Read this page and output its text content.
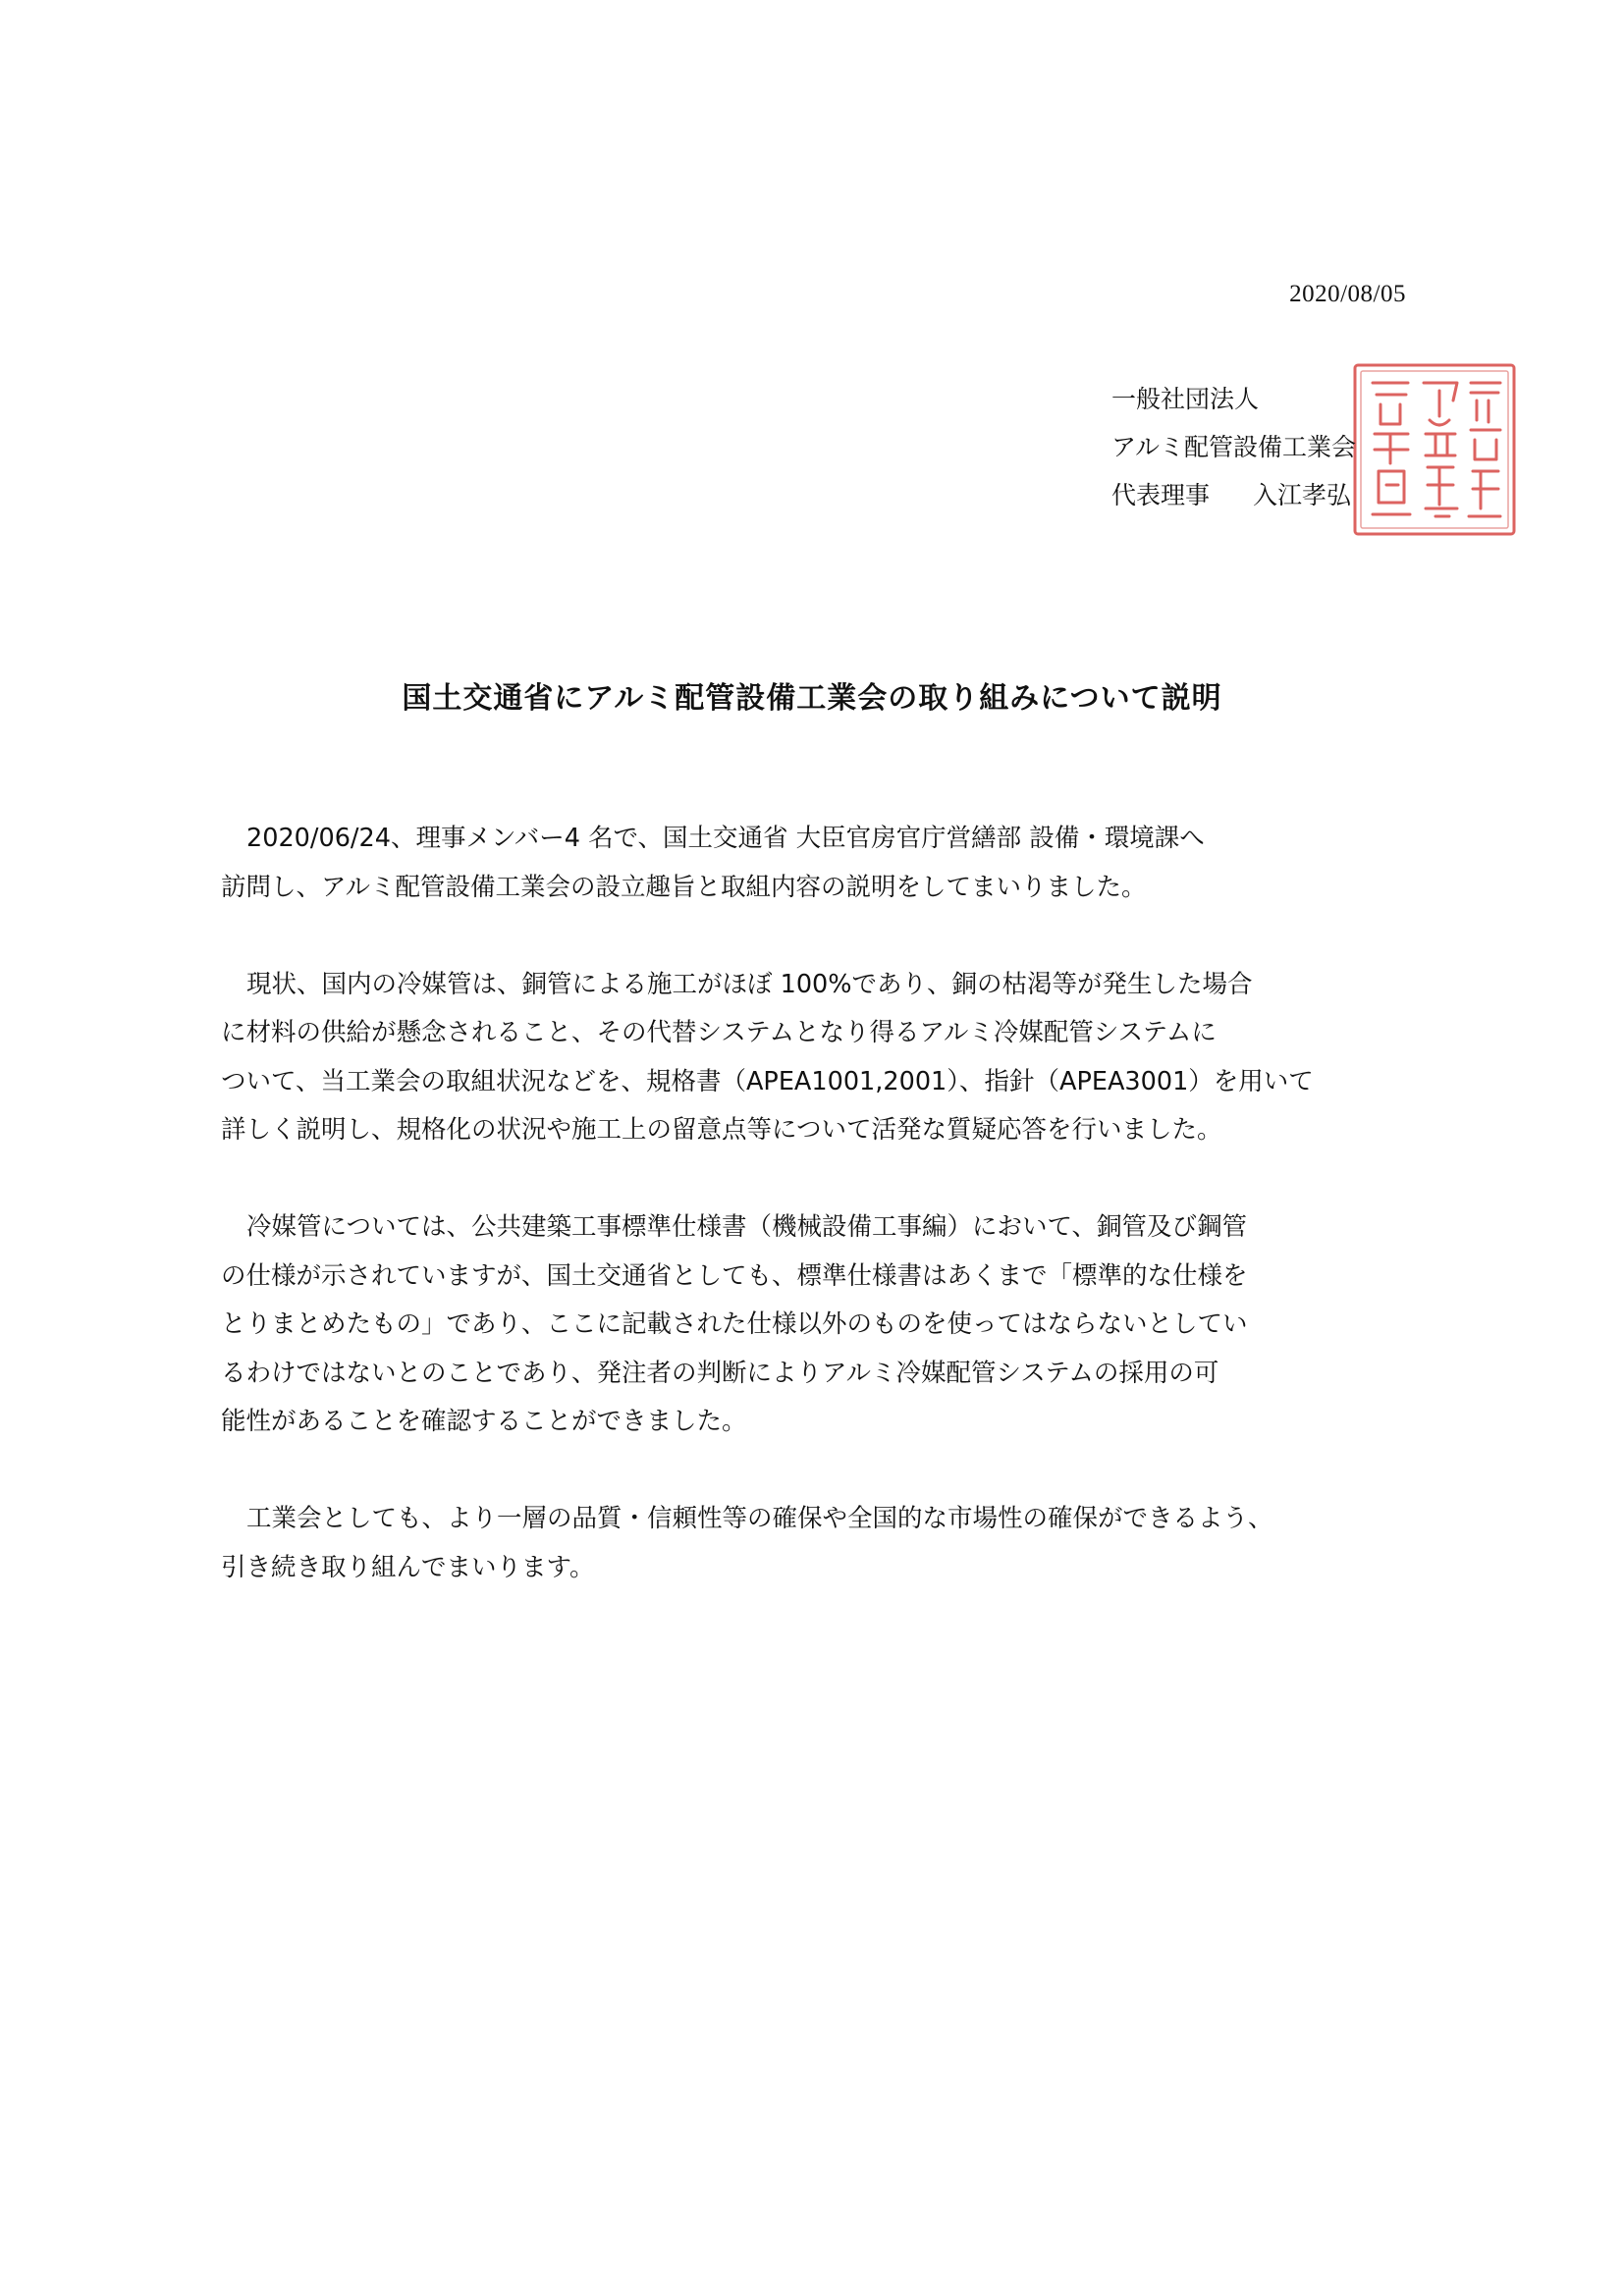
2020/08/05
一般社団法人
アルミ配管設備工業会
代表理事 入江孝弘
国土交通省にアルミ配管設備工業会の取り組みについて説明
2020/06/24、理事メンバー4 名で、国土交通省 大臣官房官庁営繕部 設備・環境課へ
訪問し、アルミ配管設備工業会の設立趣旨と取組内容の説明をしてまいりました。
現状、国内の冷媒管は、銅管による施工がほぼ 100%であり、銅の枯渇等が発生した場合
に材料の供給が懸念されること、その代替システムとなり得るアルミ冷媒配管システムに
ついて、当工業会の取組状況などを、規格書（APEA1001,2001）、指針（APEA3001）を用いて
詳しく説明し、規格化の状況や施工上の留意点等について活発な質疑応答を行いました。
冷媒管については、公共建築工事標準仕様書（機械設備工事編）において、銅管及び鋼管
の仕様が示されていますが、国土交通省としても、標準仕様書はあくまで「標準的な仕様を
とりまとめたもの」であり、ここに記載された仕様以外のものを使ってはならないとしてい
るわけではないとのことであり、発注者の判断によりアルミ冷媒配管システムの採用の可
能性があることを確認することができました。
工業会としても、より一層の品質・信頼性等の確保や全国的な市場性の確保ができるよう、
引き続き取り組んでまいります。
